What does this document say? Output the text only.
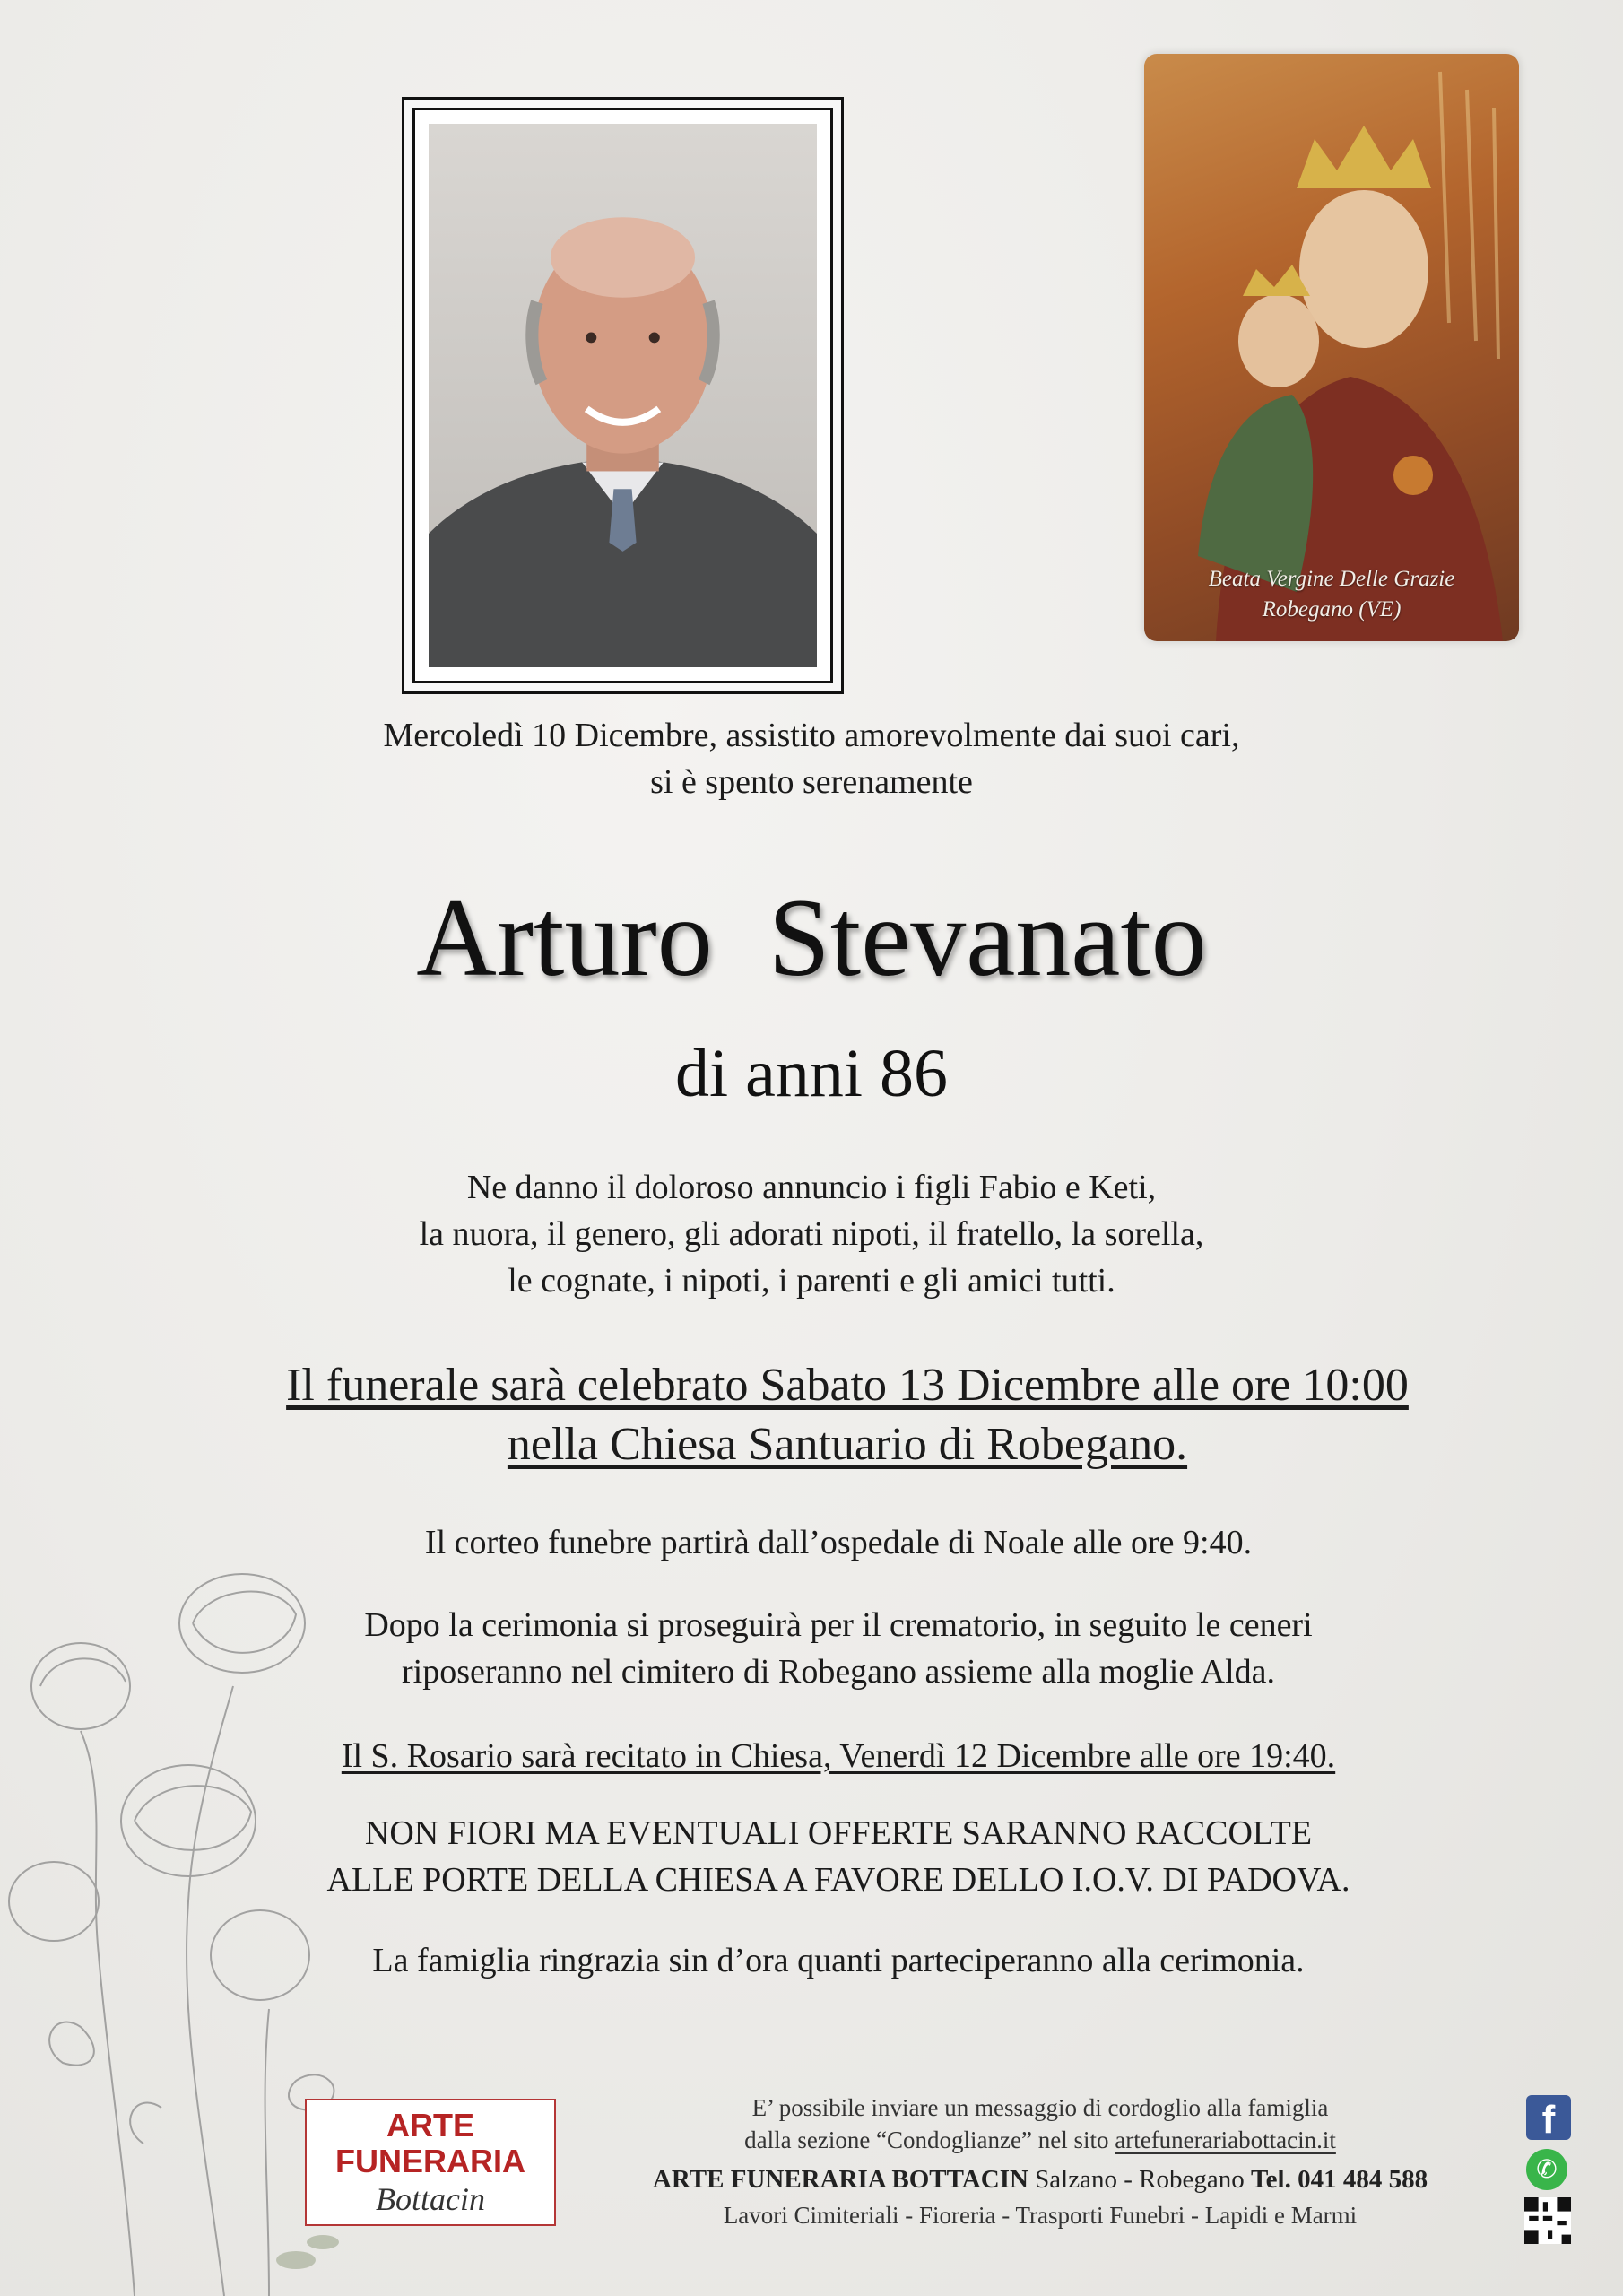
Beata Vergine Delle Grazie
Robegano (VE)
Mercoledì 10 Dicembre, assistito amorevolmente dai suoi cari,
si è spento serenamente
Arturo  Stevanato
di anni 86
Ne danno il doloroso annuncio i figli Fabio e Keti,
la nuora, il genero, gli adorati nipoti, il fratello, la sorella,
le cognate, i nipoti, i parenti e gli amici tutti.
Il funerale sarà celebrato Sabato 13 Dicembre alle ore 10:00
nella Chiesa Santuario di Robegano.
Il corteo funebre partirà dall’ospedale di Noale alle ore 9:40.
Dopo la cerimonia si proseguirà per il crematorio, in seguito le ceneri
riposeranno nel cimitero di Robegano assieme alla moglie Alda.
Il S. Rosario sarà recitato in Chiesa, Venerdì 12 Dicembre alle ore 19:40.
NON FIORI MA EVENTUALI OFFERTE SARANNO RACCOLTE
ALLE PORTE DELLA CHIESA A FAVORE DELLO I.O.V. DI PADOVA.
La famiglia ringrazia sin d’ora quanti parteciperanno alla cerimonia.
ARTE
FUNERARIA
Bottacin
E’ possibile inviare un messaggio di cordoglio alla famiglia
dalla sezione “Condoglianze” nel sito artefunerariabottacin.it
ARTE FUNERARIA BOTTACIN Salzano - Robegano Tel. 041 484 588
Lavori Cimiteriali - Fioreria - Trasporti Funebri - Lapidi e Marmi
f
✆
